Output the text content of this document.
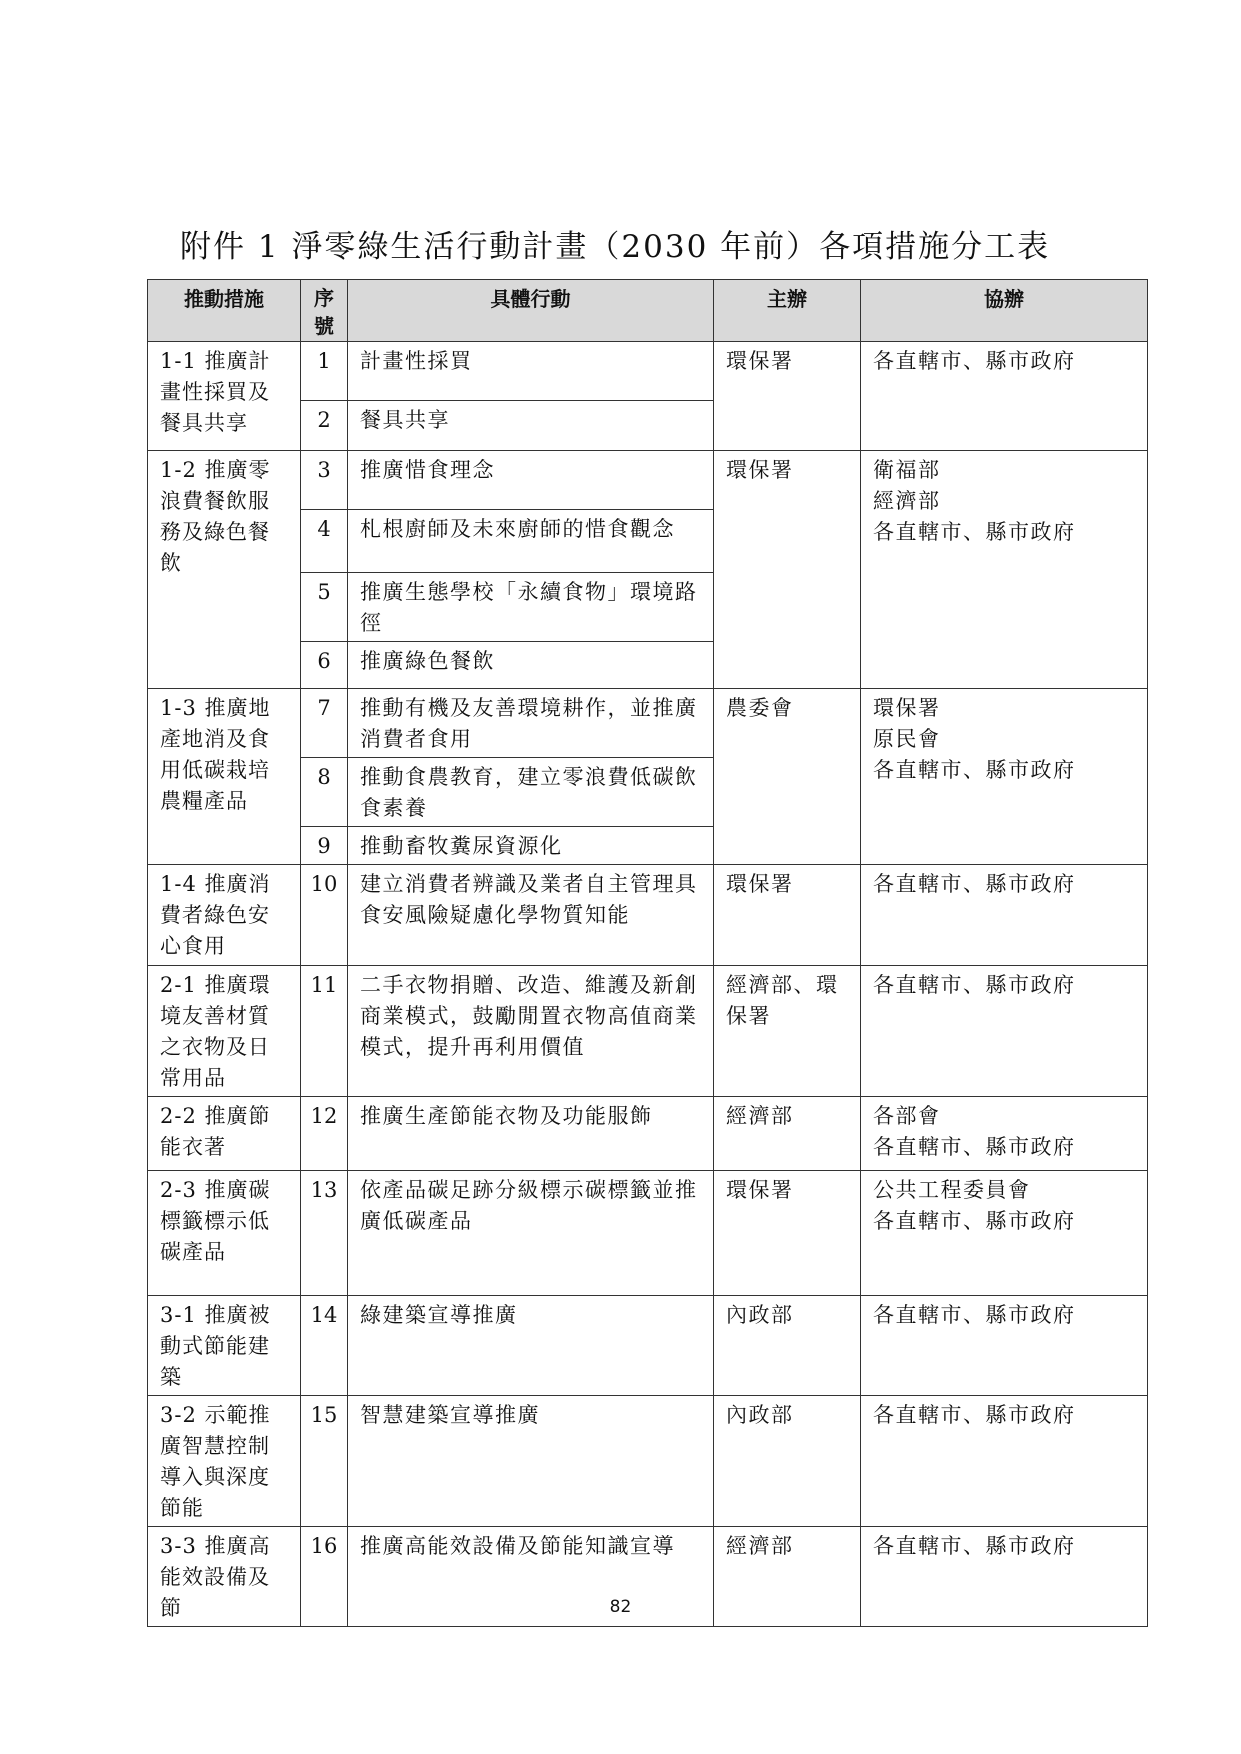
附件 1 淨零綠生活行動計畫（2030 年前）各項措施分工表
推動措施	序號	具體行動	主辦	協辦
1-1 推廣計畫性採買及餐具共享	1	計畫性採買	環保署	各直轄市、縣市政府

	2	餐具共享		
1-2 推廣零浪費餐飲服務及綠色餐飲	3	推廣惜食理念	環保署	衛福部
經濟部
各直轄市、縣市政府

	4	札根廚師及未來廚師的惜食觀念		
	5	推廣生態學校「永續食物」環境路徑		
	6	推廣綠色餐飲		
1-3 推廣地產地消及食用低碳栽培農糧產品	7	推動有機及友善環境耕作，並推廣消費者食用	農委會	環保署
原民會
各直轄市、縣市政府

	8	推動食農教育，建立零浪費低碳飲食素養		
	9	推動畜牧糞尿資源化		
1-4 推廣消費者綠色安心食用	10	建立消費者辨識及業者自主管理具食安風險疑慮化學物質知能	環保署	各直轄市、縣市政府

2-1 推廣環境友善材質之衣物及日常用品	11	二手衣物捐贈、改造、維護及新創商業模式，鼓勵閒置衣物高值商業模式，提升再利用價值	經濟部、環保署	各直轄市、縣市政府

2-2 推廣節能衣著	12	推廣生產節能衣物及功能服飾	經濟部	各部會
各直轄市、縣市政府

2-3 推廣碳標籤標示低碳產品	13	依產品碳足跡分級標示碳標籤並推廣低碳產品	環保署	公共工程委員會
各直轄市、縣市政府

3-1 推廣被動式節能建築	14	綠建築宣導推廣	內政部	各直轄市、縣市政府

3-2 示範推廣智慧控制導入與深度節能	15	智慧建築宣導推廣	內政部	各直轄市、縣市政府

3-3 推廣高能效設備及節	16	推廣高能效設備及節能知識宣導	經濟部	各直轄市、縣市政府
82
